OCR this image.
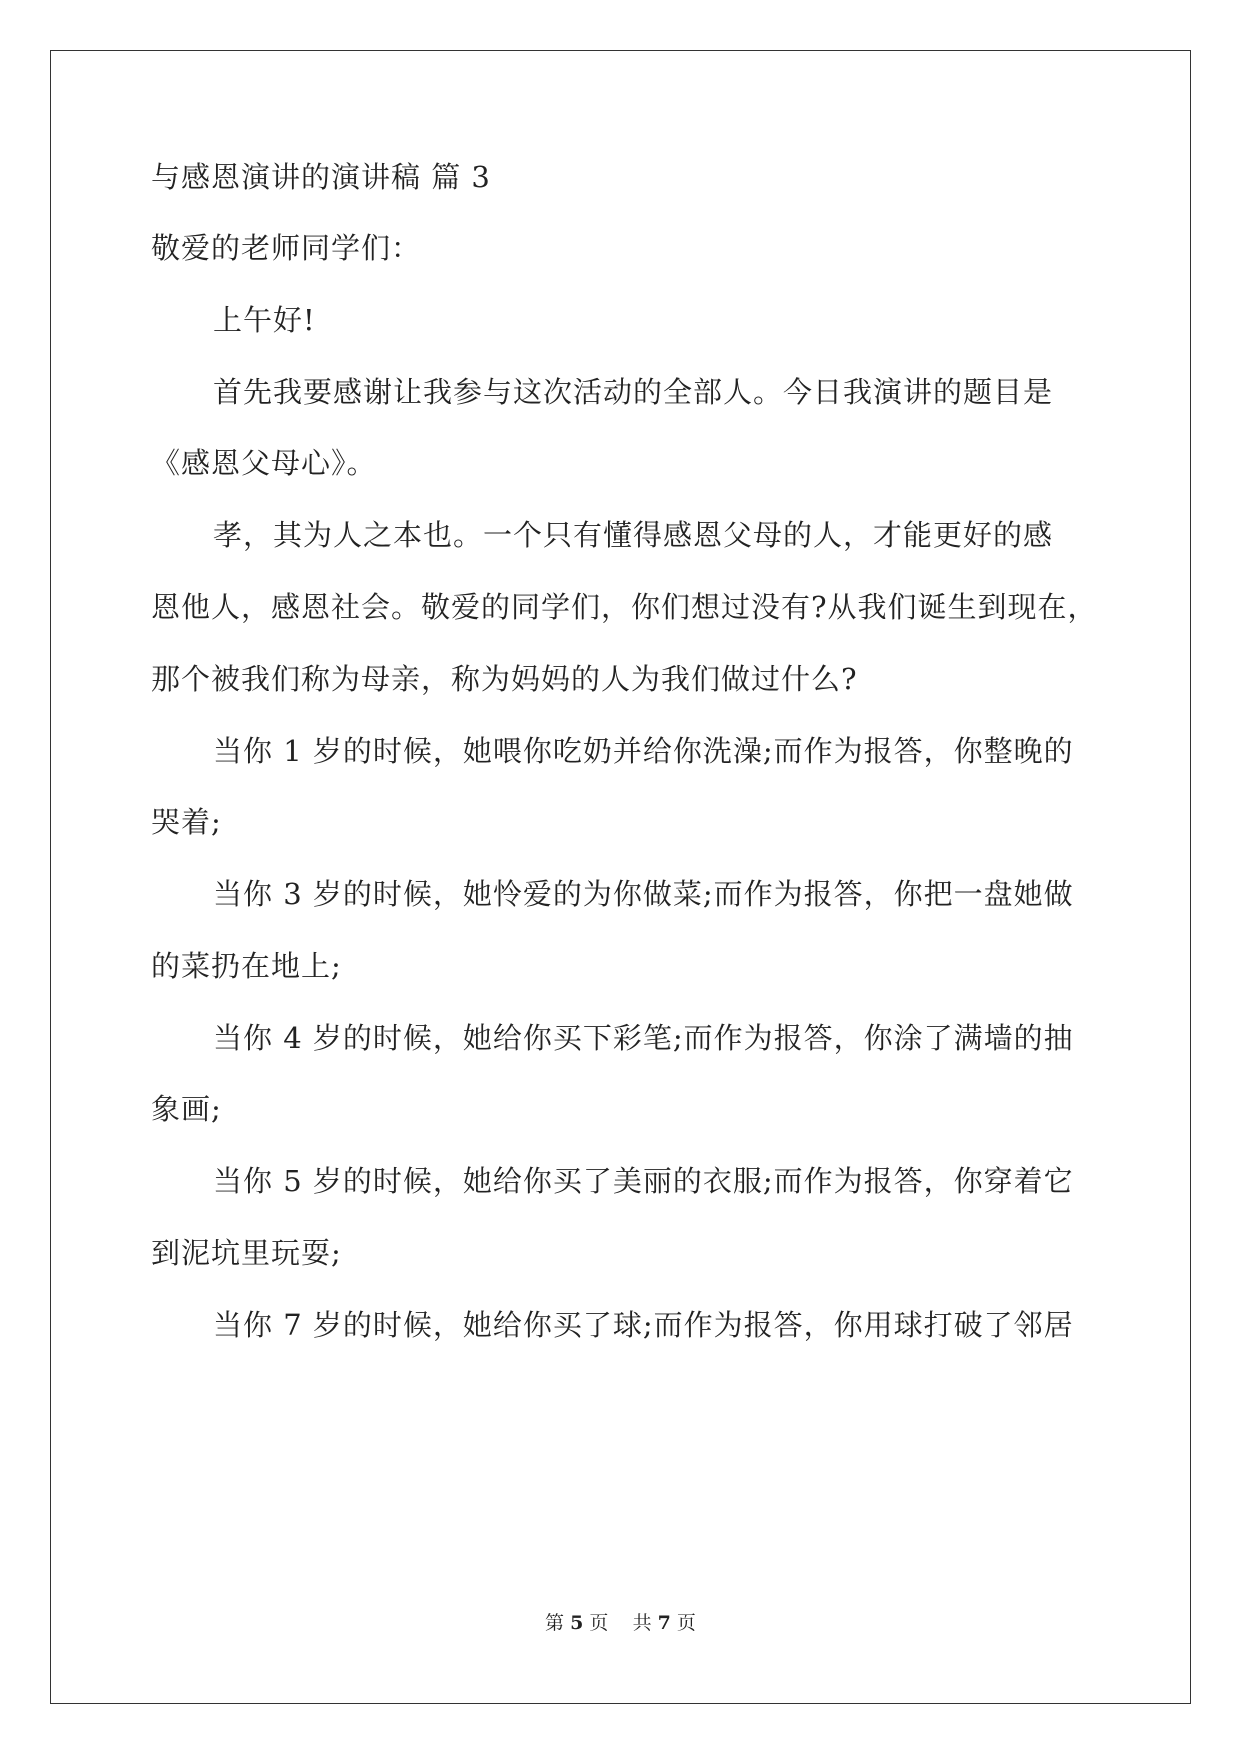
与感恩演讲的演讲稿 篇 3
敬爱的老师同学们：
上午好!
首先我要感谢让我参与这次活动的全部人。今日我演讲的题目是
《感恩父母心》。
孝，其为人之本也。一个只有懂得感恩父母的人，才能更好的感
恩他人，感恩社会。敬爱的同学们，你们想过没有?从我们诞生到现在，
那个被我们称为母亲，称为妈妈的人为我们做过什么?
当你 1 岁的时候，她喂你吃奶并给你洗澡;而作为报答，你整晚的
哭着;
当你 3 岁的时候，她怜爱的为你做菜;而作为报答，你把一盘她做
的菜扔在地上;
当你 4 岁的时候，她给你买下彩笔;而作为报答，你涂了满墙的抽
象画;
当你 5 岁的时候，她给你买了美丽的衣服;而作为报答，你穿着它
到泥坑里玩耍;
当你 7 岁的时候，她给你买了球;而作为报答，你用球打破了邻居
第 5 页 共 7 页
